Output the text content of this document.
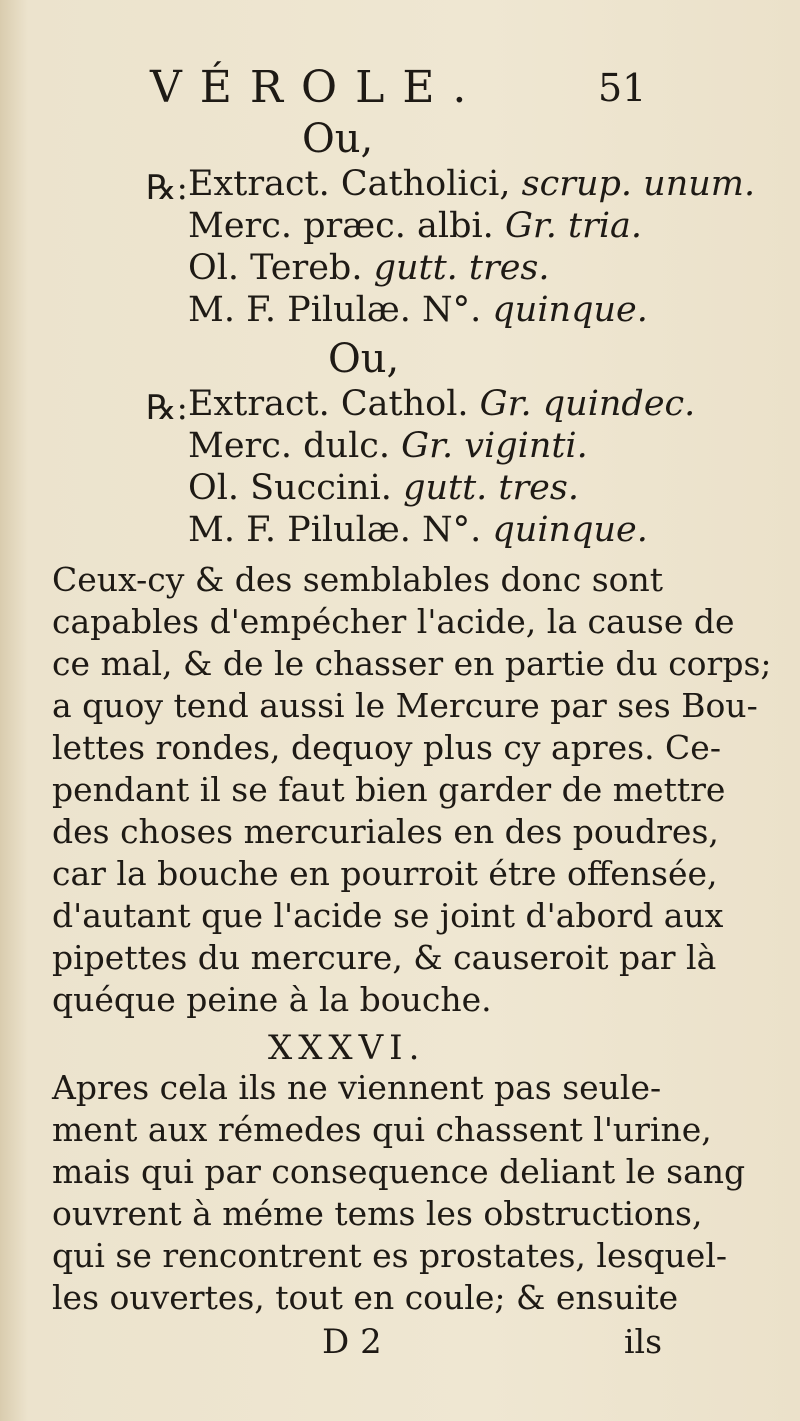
VÉROLE.	51
Ou,
℞: Extract. Catholici, scrup. unum.
Merc. præc. albi. Gr. tria.
Ol. Tereb. gutt. tres.
M. F. Pilulæ. N°. quinque.
Ou,
℞: Extract. Cathol. Gr. quindec.
Merc. dulc. Gr. viginti.
Ol. Succini. gutt. tres.
M. F. Pilulæ. N°. quinque.
Ceux-cy & des semblables donc sont
capables d'empécher l'acide, la cause de
ce mal, & de le chasser en partie du corps;
a quoy tend aussi le Mercure par ses Bou-
lettes rondes, dequoy plus cy apres. Ce-
pendant il se faut bien garder de mettre
des choses mercuriales en des poudres,
car la bouche en pourroit étre offensée,
d'autant que l'acide se joint d'abord aux
pipettes du mercure, & causeroit par là
quéque peine à la bouche.
XXXVI.
Apres cela ils ne viennent pas seule-
ment aux rémedes qui chassent l'urine,
mais qui par consequence deliant le sang
ouvrent à méme tems les obstructions,
qui se rencontrent es prostates, lesquel-
les ouvertes, tout en coule; & ensuite
D 2	ils
